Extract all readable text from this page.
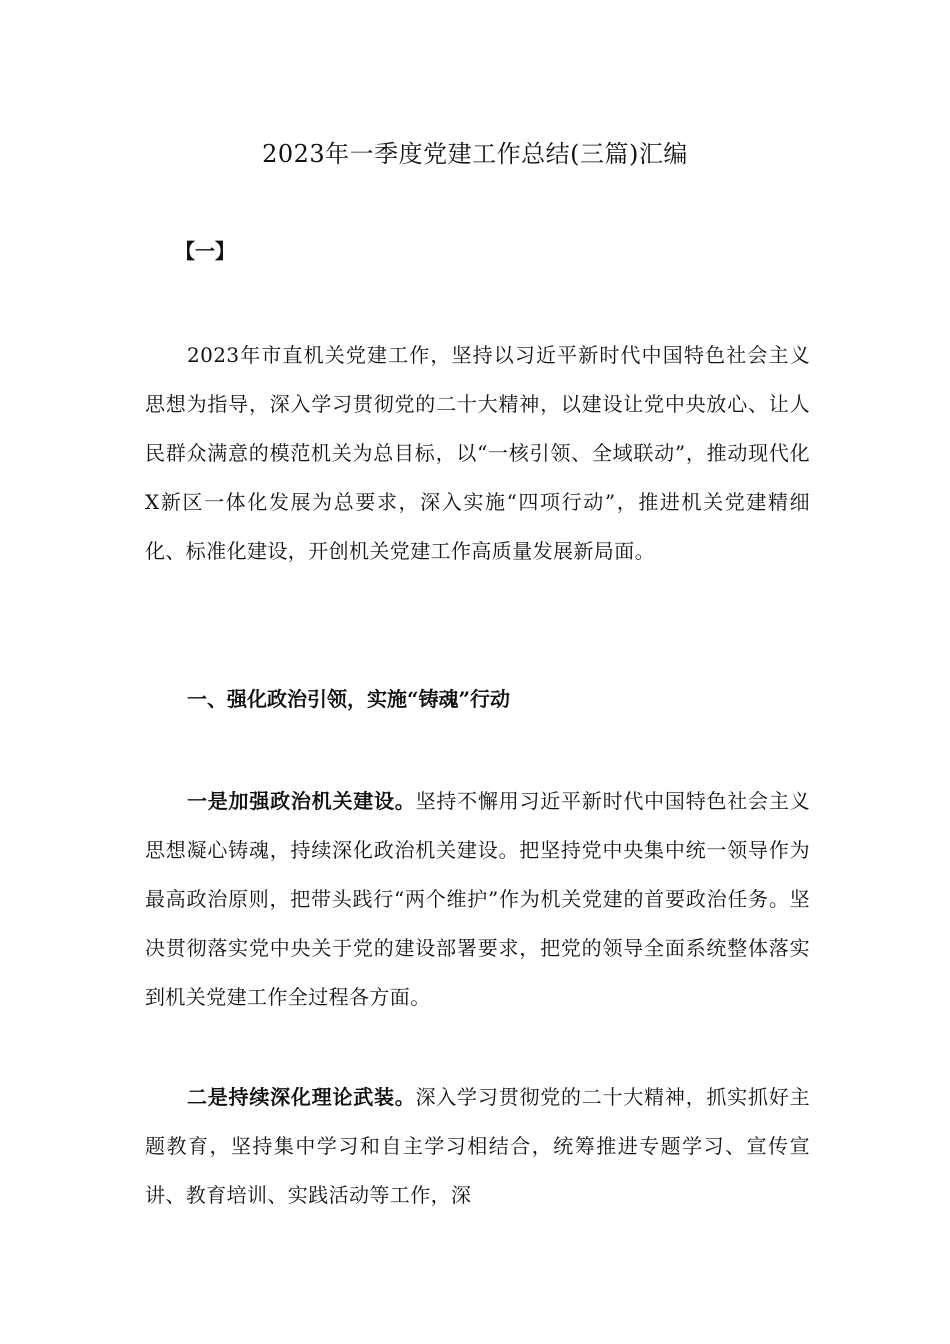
2023年一季度党建工作总结(三篇)汇编

【一】

2023年市直机关党建工作，坚持以习近平新时代中国特色社会主义思想为指导，深入学习贯彻党的二十大精神，以建设让党中央放心、让人民群众满意的模范机关为总目标，以“一核引领、全域联动”，推动现代化X新区一体化发展为总要求，深入实施“四项行动”，推进机关党建精细化、标准化建设，开创机关党建工作高质量发展新局面。

一、强化政治引领，实施“铸魂”行动

一是加强政治机关建设。坚持不懈用习近平新时代中国特色社会主义思想凝心铸魂，持续深化政治机关建设。把坚持党中央集中统一领导作为最高政治原则，把带头践行“两个维护”作为机关党建的首要政治任务。坚决贯彻落实党中央关于党的建设部署要求，把党的领导全面系统整体落实到机关党建工作全过程各方面。

二是持续深化理论武装。深入学习贯彻党的二十大精神，抓实抓好主题教育，坚持集中学习和自主学习相结合，统筹推进专题学习、宣传宣讲、教育培训、实践活动等工作，深
